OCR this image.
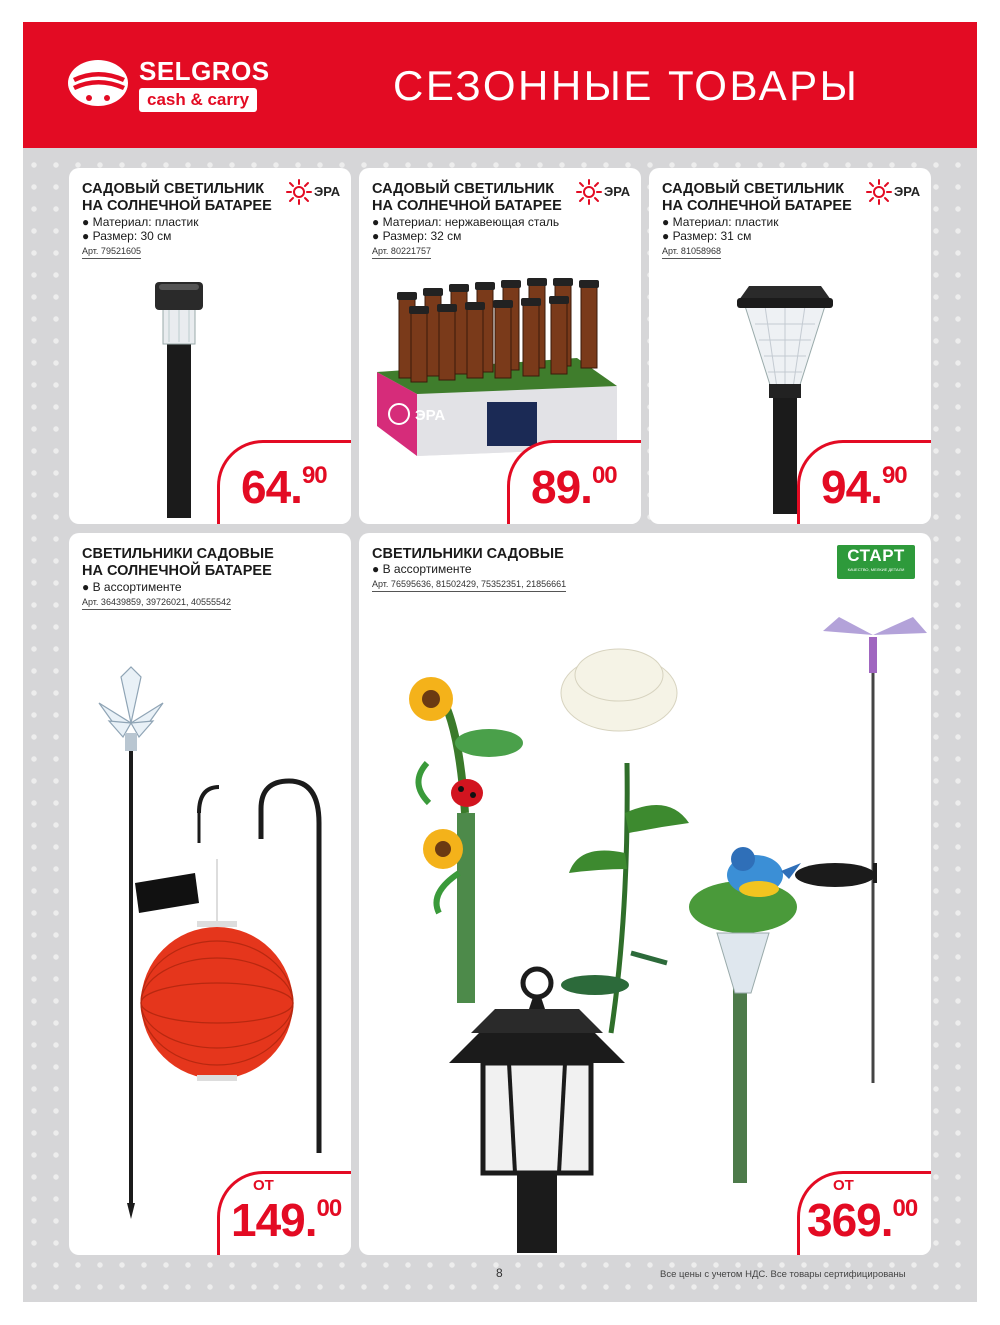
SELGROS
cash & carry	СЕЗОННЫЕ ТОВАРЫ
САДОВЫЙ СВЕТИЛЬНИК
НА СОЛНЕЧНОЙ БАТАРЕЕ
● Материал: пластик
● Размер: 30 см
Арт. 79521605
ЭРА
64.90
САДОВЫЙ СВЕТИЛЬНИК
НА СОЛНЕЧНОЙ БАТАРЕЕ
● Материал: нержавеющая сталь
● Размер: 32 см
Арт. 80221757
ЭРА
ЭРА
89.00
САДОВЫЙ СВЕТИЛЬНИК
НА СОЛНЕЧНОЙ БАТАРЕЕ
● Материал: пластик
● Размер: 31 см
Арт. 81058968
ЭРА
94.90
СВЕТИЛЬНИКИ САДОВЫЕ
НА СОЛНЕЧНОЙ БАТАРЕЕ
● В ассортименте
Арт. 36439859, 39726021, 40555542
ОТ
149.00
СВЕТИЛЬНИКИ САДОВЫЕ
● В ассортименте
Арт. 76595636, 81502429, 75352351, 21856661
СТАРТ
КАЧЕСТВО, МЕЛКИЕ ДЕТАЛИ
ОТ
369.00
8	Все цены с учетом НДС. Все товары сертифицированы
